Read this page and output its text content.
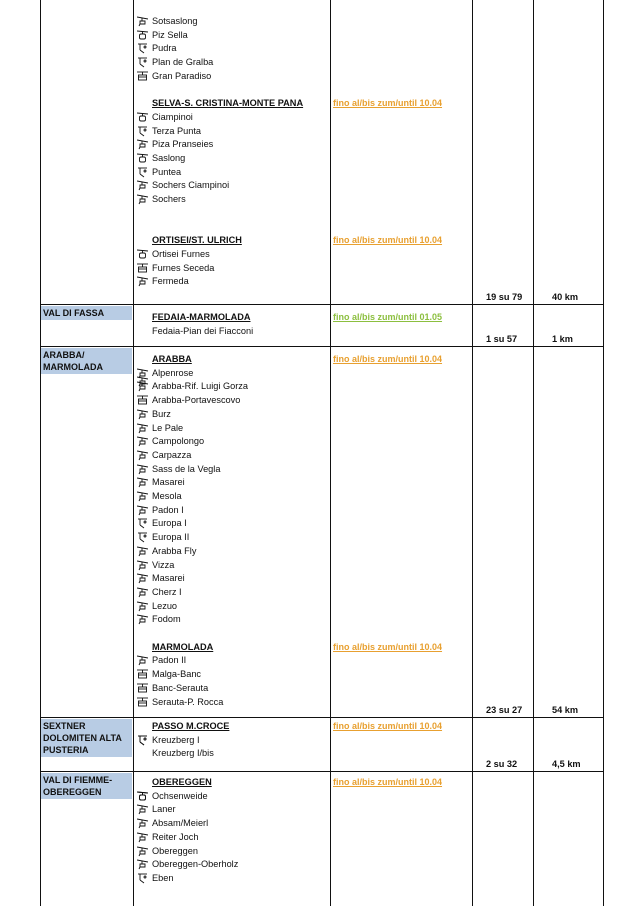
Sotsaslong
Piz Sella
Pudra
Plan de Gralba
Gran Paradiso
SELVA-S. CRISTINA-MONTE PANA	fino al/bis zum/until 10.04
Ciampinoi
Terza Punta
Piza Pranseies
Saslong
Puntea
Sochers Ciampinoi
Sochers
ORTISEI/ST. ULRICH	fino al/bis zum/until 10.04
Ortisei Furnes
Furnes Seceda
Fermeda
19 su 79	40 km
VAL DI FASSA	FEDAIA-MARMOLADA	fino al/bis zum/until 01.05
Fedaia-Pian dei Fiacconi
1 su 57	1 km
ARABBA/ MARMOLADA
ARABBA	fino al/bis zum/until 10.04
Alpenrose
Arabba-Rif. Luigi Gorza
Arabba-Portavescovo
Burz
Le Pale
Campolongo
Carpazza
Sass de la Vegla
Masarei
Mesola
Padon I
Europa I
Europa II
Arabba Fly
Vizza
Masarei
Cherz I
Lezuo
Fodom
MARMOLADA	fino al/bis zum/until 10.04
Padon II
Malga-Banc
Banc-Serauta
Serauta-P. Rocca
23 su 27	54 km
SEXTNER DOLOMITEN ALTA PUSTERIA
PASSO M.CROCE	fino al/bis zum/until 10.04
Kreuzberg I
Kreuzberg I/bis
2 su 32	4,5 km
VAL DI FIEMME-OBEREGGEN
OBEREGGEN	fino al/bis zum/until 10.04
Ochsenweide
Laner
Absam/Meierl
Reiter Joch
Obereggen
Obereggen-Oberholz
Eben
